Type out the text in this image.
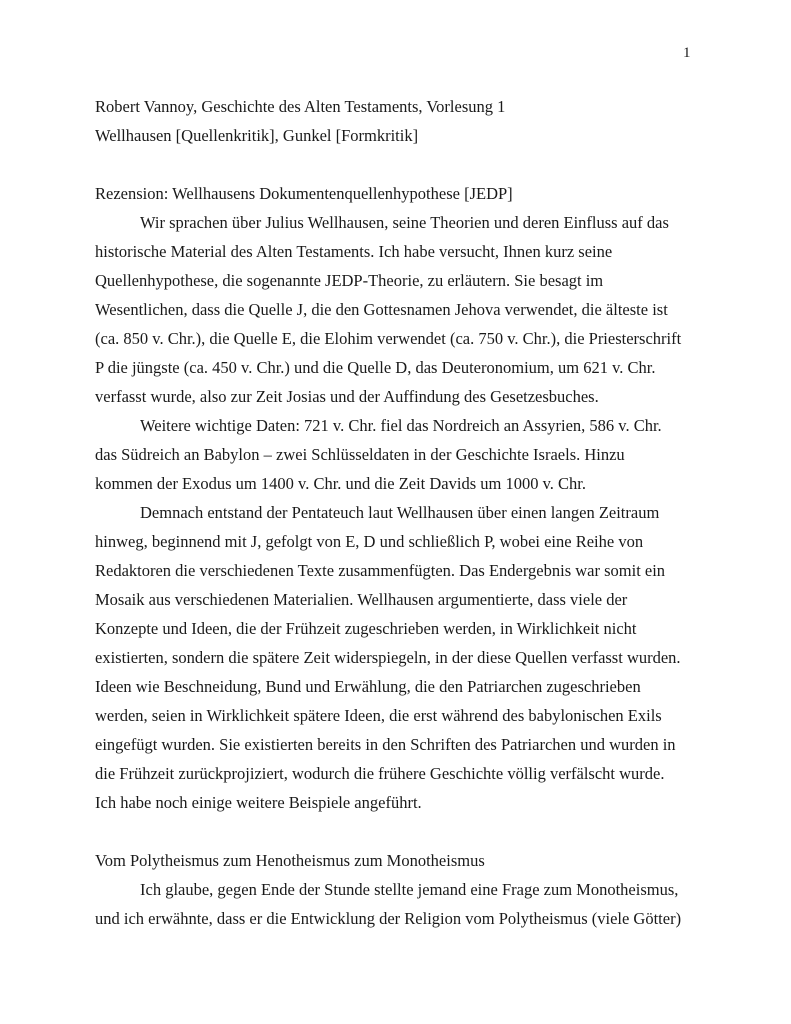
1
Robert Vannoy, Geschichte des Alten Testaments, Vorlesung 1
Wellhausen [Quellenkritik], Gunkel [Formkritik]
Rezension: Wellhausens Dokumentenquellenhypothese [JEDP]
Wir sprachen über Julius Wellhausen, seine Theorien und deren Einfluss auf das
historische Material des Alten Testaments. Ich habe versucht, Ihnen kurz seine
Quellenhypothese, die sogenannte JEDP-Theorie, zu erläutern. Sie besagt im
Wesentlichen, dass die Quelle J, die den Gottesnamen Jehova verwendet, die älteste ist
(ca. 850 v. Chr.), die Quelle E, die Elohim verwendet (ca. 750 v. Chr.), die Priesterschrift
P die jüngste (ca. 450 v. Chr.) und die Quelle D, das Deuteronomium, um 621 v. Chr.
verfasst wurde, also zur Zeit Josias und der Auffindung des Gesetzesbuches.
Weitere wichtige Daten: 721 v. Chr. fiel das Nordreich an Assyrien, 586 v. Chr.
das Südreich an Babylon – zwei Schlüsseldaten in der Geschichte Israels. Hinzu
kommen der Exodus um 1400 v. Chr. und die Zeit Davids um 1000 v. Chr.
Demnach entstand der Pentateuch laut Wellhausen über einen langen Zeitraum
hinweg, beginnend mit J, gefolgt von E, D und schließlich P, wobei eine Reihe von
Redaktoren die verschiedenen Texte zusammenfügten. Das Endergebnis war somit ein
Mosaik aus verschiedenen Materialien. Wellhausen argumentierte, dass viele der
Konzepte und Ideen, die der Frühzeit zugeschrieben werden, in Wirklichkeit nicht
existierten, sondern die spätere Zeit widerspiegeln, in der diese Quellen verfasst wurden.
Ideen wie Beschneidung, Bund und Erwählung, die den Patriarchen zugeschrieben
werden, seien in Wirklichkeit spätere Ideen, die erst während des babylonischen Exils
eingefügt wurden. Sie existierten bereits in den Schriften des Patriarchen und wurden in
die Frühzeit zurückprojiziert, wodurch die frühere Geschichte völlig verfälscht wurde.
Ich habe noch einige weitere Beispiele angeführt.
Vom Polytheismus zum Henotheismus zum Monotheismus
Ich glaube, gegen Ende der Stunde stellte jemand eine Frage zum Monotheismus,
und ich erwähnte, dass er die Entwicklung der Religion vom Polytheismus (viele Götter)
